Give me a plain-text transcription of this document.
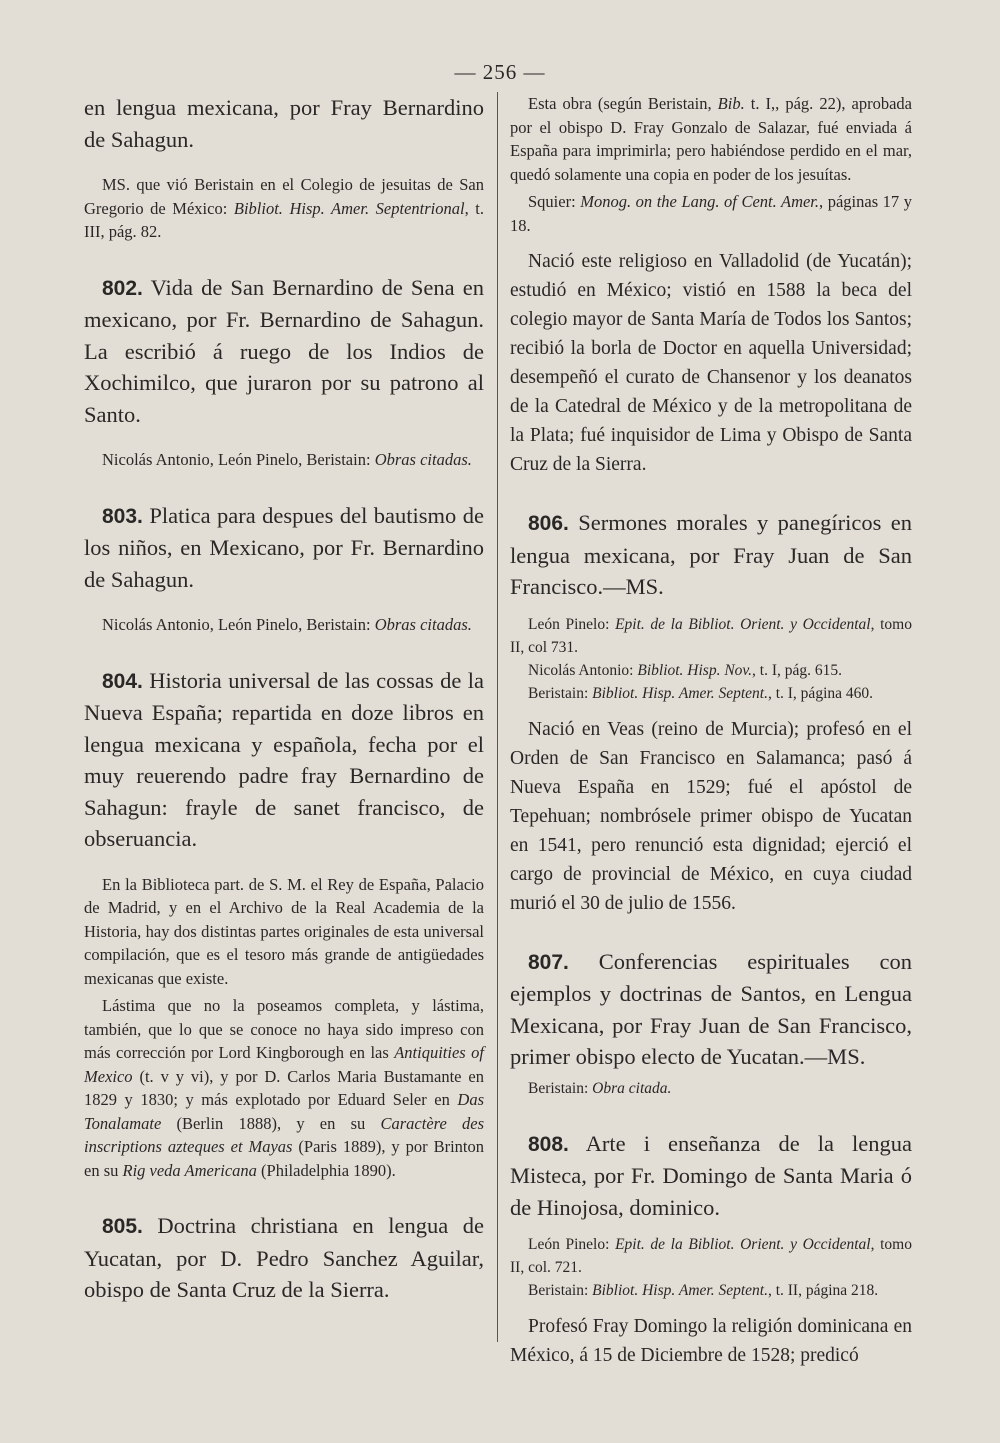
— 256 —

en lengua mexicana, por Fray Bernardino de Sahagun.

MS. que vió Beristain en el Colegio de jesuitas de San Gregorio de México: Bibliot. Hisp. Amer. Septentrional, t. III, pág. 82.

802. Vida de San Bernardino de Sena en mexicano, por Fr. Bernardino de Sahagun. La escribió á ruego de los Indios de Xochimilco, que juraron por su patrono al Santo.

Nicolás Antonio, León Pinelo, Beristain: Obras citadas.

803. Platica para despues del bautismo de los niños, en Mexicano, por Fr. Bernardino de Sahagun.

Nicolás Antonio, León Pinelo, Beristain: Obras citadas.

804. Historia universal de las cossas de la Nueva España; repartida en doze libros en lengua mexicana y española, fecha por el muy reuerendo padre fray Bernardino de Sahagun: frayle de sanet francisco, de obseruancia.

En la Biblioteca part. de S. M. el Rey de España, Palacio de Madrid, y en el Archivo de la Real Academia de la Historia, hay dos distintas partes originales de esta universal compilación, que es el tesoro más grande de antigüedades mexicanas que existe.

Lástima que no la poseamos completa, y lástima, también, que lo que se conoce no haya sido impreso con más corrección por Lord Kingborough en las Antiquities of Mexico (t. v y vi), y por D. Carlos Maria Bustamante en 1829 y 1830; y más explotado por Eduard Seler en Das Tonalamate (Berlin 1888), y en su Caractère des inscriptions azteques et Mayas (Paris 1889), y por Brinton en su Rig veda Americana (Philadelphia 1890).

805. Doctrina christiana en lengua de Yucatan, por D. Pedro Sanchez Aguilar, obispo de Santa Cruz de la Sierra.

Esta obra (según Beristain, Bib. t. I,, pág. 22), aprobada por el obispo D. Fray Gonzalo de Salazar, fué enviada á España para imprimirla; pero habiéndose perdido en el mar, quedó solamente una copia en poder de los jesuítas.

Squier: Monog. on the Lang. of Cent. Amer., páginas 17 y 18.

Nació este religioso en Valladolid (de Yucatán); estudió en México; vistió en 1588 la beca del colegio mayor de Santa María de Todos los Santos; recibió la borla de Doctor en aquella Universidad; desempeñó el curato de Chansenor y los deanatos de la Catedral de México y de la metropolitana de la Plata; fué inquisidor de Lima y Obispo de Santa Cruz de la Sierra.

806. Sermones morales y panegíricos en lengua mexicana, por Fray Juan de San Francisco.—MS.

León Pinelo: Epit. de la Bibliot. Orient. y Occidental, tomo II, col 731.

Nicolás Antonio: Bibliot. Hisp. Nov., t. I, pág. 615.

Beristain: Bibliot. Hisp. Amer. Septent., t. I, página 460.

Nació en Veas (reino de Murcia); profesó en el Orden de San Francisco en Salamanca; pasó á Nueva España en 1529; fué el apóstol de Tepehuan; nombrósele primer obispo de Yucatan en 1541, pero renunció esta dignidad; ejerció el cargo de provincial de México, en cuya ciudad murió el 30 de julio de 1556.

807. Conferencias espirituales con ejemplos y doctrinas de Santos, en Lengua Mexicana, por Fray Juan de San Francisco, primer obispo electo de Yucatan.—MS.

Beristain: Obra citada.

808. Arte i enseñanza de la lengua Misteca, por Fr. Domingo de Santa Maria ó de Hinojosa, dominico.

León Pinelo: Epit. de la Bibliot. Orient. y Occidental, tomo II, col. 721.

Beristain: Bibliot. Hisp. Amer. Septent., t. II, página 218.

Profesó Fray Domingo la religión dominicana en México, á 15 de Diciembre de 1528; predicó
